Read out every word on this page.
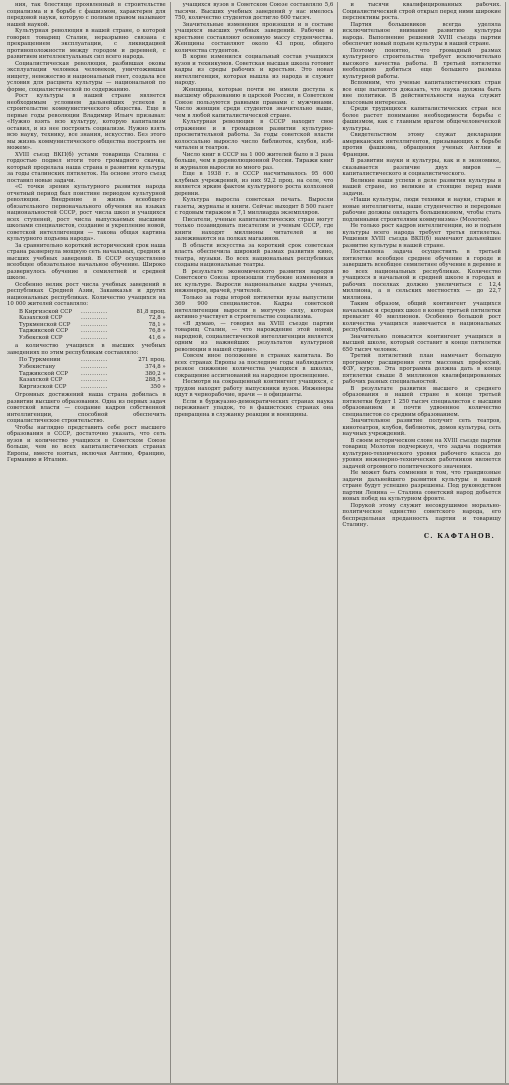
ния, так блестяще проявленный в строительстве социализма и в борьбе с фашизмом, характерен для передовой науки, которую с полным правом называют нашей наукой.

Культурная революция в нашей стране, о которой говорил товарищ Сталин, неразрывно связана с прекращением эксплуатации, с ликвидацией противоположности между городом и деревней, с развитием интеллектуальных сил всего народа.

Социалистическая революция, разбившая оковы эксплуатации человека человеком, уничтожившая нищету, невежество и национальный гнет, создала все условия для расцвета культуры — национальной по форме, социалистической по содержанию.

Рост культуры в нашей стране является необходимым условием дальнейших успехов в строительстве коммунистического общества. Еще в первые годы революции Владимир Ильич призывал: «Нужно взять всю культуру, которую капитализм оставил, и из нее построить социализм. Нужно взять всю науку, технику, все знания, искусство. Без этого мы жизнь коммунистического общества построить не можем».

XVIII съезд ВКП(б) устами товарища Сталина с гордостью подвел итоги того громадного скачка, который проделала наша страна в развитии культуры за годы сталинских пятилеток. На основе этого съезд поставил новые задачи.

«С точки зрения культурного развития народа отчетный период был поистине периодом культурной революции. Внедрение в жизнь всеобщего обязательного первоначального обучения на языках национальностей СССР, рост числа школ и учащихся всех ступеней, рост числа выпускаемых высшими школами специалистов, создание и укрепление новой, советской интеллигенции — такова общая картина культурного подъема народа».

За сравнительно короткий исторический срок наша страна развернула мощную сеть начальных, средних и высших учебных заведений. В СССР осуществлено всеобщее обязательное начальное обучение. Широко развернулось обучение в семилетней и средней школе.

Особенно велик рост числа учебных заведений в республиках Средней Азии, Закавказья и других национальных республиках. Количество учащихся на 10 000 жителей составляло:

В Киргизской ССР	............	81,8 проц.
Казахской ССР	............	72,8 »
Туркменской ССР	............	78,1 »
Таджикской ССР	............	76,8 »
Узбекской ССР	............	41,6 »

а количество учащихся в высших учебных заведениях по этим республикам составляло:

По Туркмении	............	271 проц.
Узбекистану	............	374,8 »
Таджикской ССР	............	380,2 »
Казахской ССР	............	288,5 »
Киргизской ССР	............	350 »

Огромных достижений наша страна добилась в развитии высшего образования. Одна из первых задач советской власти — создание кадров собственной интеллигенции, способной обеспечить социалистическое строительство.

Чтобы наглядно представить себе рост высшего образования в СССР, достаточно указать, что сеть вузов и количество учащихся в Советском Союзе больше, чем во всех капиталистических странах Европы, вместе взятых, включая Англию, Францию, Германию и Италию.

учащихся вузов в Советском Союзе составляло 5,6 тысячи. Высших учебных заведений у нас имелось 750, количество студентов достигло 600 тысяч.

Значительные изменения произошли и в составе учащихся высших учебных заведений. Рабочие и крестьяне составляют основную массу студенчества. Женщины составляют около 43 проц. общего количества студентов.

В корне изменился социальный состав учащихся вузов и техникумов. Советская высшая школа готовит кадры из среды рабочих и крестьян. Это новая интеллигенция, которая вышла из народа и служит народу.

Женщины, которые почти не имели доступа к высшему образованию в царской России, в Советском Союзе пользуются равными правами с мужчинами. Число женщин среди студентов значительно выше, чем в любой капиталистической стране.

Культурная революция в СССР находит свое отражение и в громадном развитии культурно-просветительной работы. За годы советской власти колоссально выросло число библиотек, клубов, изб-читален и театров.

Число книг в СССР на 1 000 жителей было в 3 раза больше, чем в дореволюционной России. Тиражи книг и журналов выросли во много раз.

Еще в 1938 г. в СССР насчитывалось 95 600 клубных учреждений, из них 92,2 проц. на селе, что является ярким фактом культурного роста колхозной деревни.

Культура выросла советская печать. Выросли газеты, журналы и книги. Сейчас выходит 8 500 газет с годовым тиражом в 7,1 миллиарда экземпляров.

Писатели, ученые капиталистических стран могут только позавидовать писателям и ученым СССР, где книги находят миллионы читателей и не залеживаются на полках магазинов.

В области искусства за короткий срок советская власть обеспечила широкий размах развития кино, театра, музыки. Во всех национальных республиках созданы национальные театры.

В результате экономического развития народов Советского Союза произошли глубокие изменения в их культуре. Выросли национальные кадры ученых, инженеров, врачей, учителей.

Только за годы второй пятилетки вузы выпустили 369 900 специалистов. Кадры советской интеллигенции выросли в могучую силу, которая активно участвует в строительстве социализма.

«Я думаю, — говорил на XVIII съезде партии товарищ Сталин, — что нарождение этой новой, народной, социалистической интеллигенции является одним из важнейших результатов культурной революции в нашей стране».

Совсем иное положение в странах капитала. Во всех странах Европы за последние годы наблюдается резкое снижение количества учащихся в школах, сокращение ассигнований на народное просвещение.

Несмотря на сокращенный контингент учащихся, с трудом находят работу выпускники вузов. Инженеры идут в чернорабочие, врачи — в официанты.

Если в буржуазно-демократических странах наука переживает упадок, то в фашистских странах она превращена в служанку реакции и военщины.

и тысячи квалифицированных рабочих. Социалистический строй открыл перед ними широкие перспективы роста.

Партия большевиков всегда уделяла исключительное внимание развитию культуры народа. Выполнение решений XVIII съезда партии обеспечит новый подъем культуры в нашей стране.

Поэтому понятно, что громадный размах культурного строительства требует исключительно высокого качества работы. В третьей пятилетке необходимо добиться еще большего размаха культурной работы.

Вспомним, что ученые капиталистических стран все еще пытаются доказать, что наука должна быть вне политики. В действительности наука служит классовым интересам.

Среди трудящихся капиталистических стран все более растет понимание необходимости борьбы с фашизмом, как с главным врагом общечеловеческой культуры.

Свидетельством этому служат декларации американских интеллигентов, призывающих к борьбе против фашизма, обращения ученых Англии и Франции.

В развитии науки и культуры, как и в экономике, сказывается различие двух миров — капиталистического и социалистического.

Великие наши успехи в деле развития культуры в нашей стране, но великие и стоящие перед нами задачи.

«Наши культуры, люди техники и науки, старые и новые интеллигенты, наше студенчество и передовые рабочие должны овладеть большевизмом, чтобы стать подлинными строителями коммунизма» (Молотов).

Не только рост кадров интеллигенции, но и подъем культуры всего народа требует третья пятилетка. Решения XVIII съезда ВКП(б) намечают дальнейшее развитие культуры в нашей стране.

Поставлена задача осуществить в третьей пятилетке всеобщее среднее обучение в городе и завершить всеобщее семилетнее обучение в деревне и во всех национальных республиках. Количество учащихся в начальной и средней школе в городах и рабочих поселках должно увеличиться с 12,4 миллиона, а в сельских местностях — до 22,7 миллиона.

Таким образом, общий контингент учащихся начальных и средних школ в конце третьей пятилетки превысит 40 миллионов. Особенно большой рост количества учащихся намечается в национальных республиках.

Значительно повысится контингент учащихся в высшей школе, который составит в конце пятилетки 650 тысяч человек.

Третий пятилетний план намечает большую программу расширения сети массовых профессий, ФЗУ, курсов. Эта программа должна дать в конце пятилетки свыше 8 миллионов квалифицированных рабочих разных специальностей.

В результате развития высшего и среднего образования в нашей стране в конце третьей пятилетки будет 1 250 тысяч специалистов с высшим образованием и почти удвоенное количество специалистов со средним образованием.

Значительное развитие получит сеть театров, кинотеатров, клубов, библиотек, домов культуры, сеть научных учреждений.

В своем историческом слове на XVIII съезде партии товарищ Молотов подчеркнул, что задача поднятия культурно-технического уровня рабочего класса до уровня инженерно-технических работников является задачей огромного политического значения.

Не может быть сомнения в том, что грандиозные задачи дальнейшего развития культуры в нашей стране будут успешно разрешены. Под руководством партии Ленина — Сталина советский народ добьется новых побед на культурном фронте.

Порукой этому служит несокрушимое морально-политическое единство советского народа, его беспредельная преданность партии и товарищу Сталину.

С. КАФТАНОВ.
